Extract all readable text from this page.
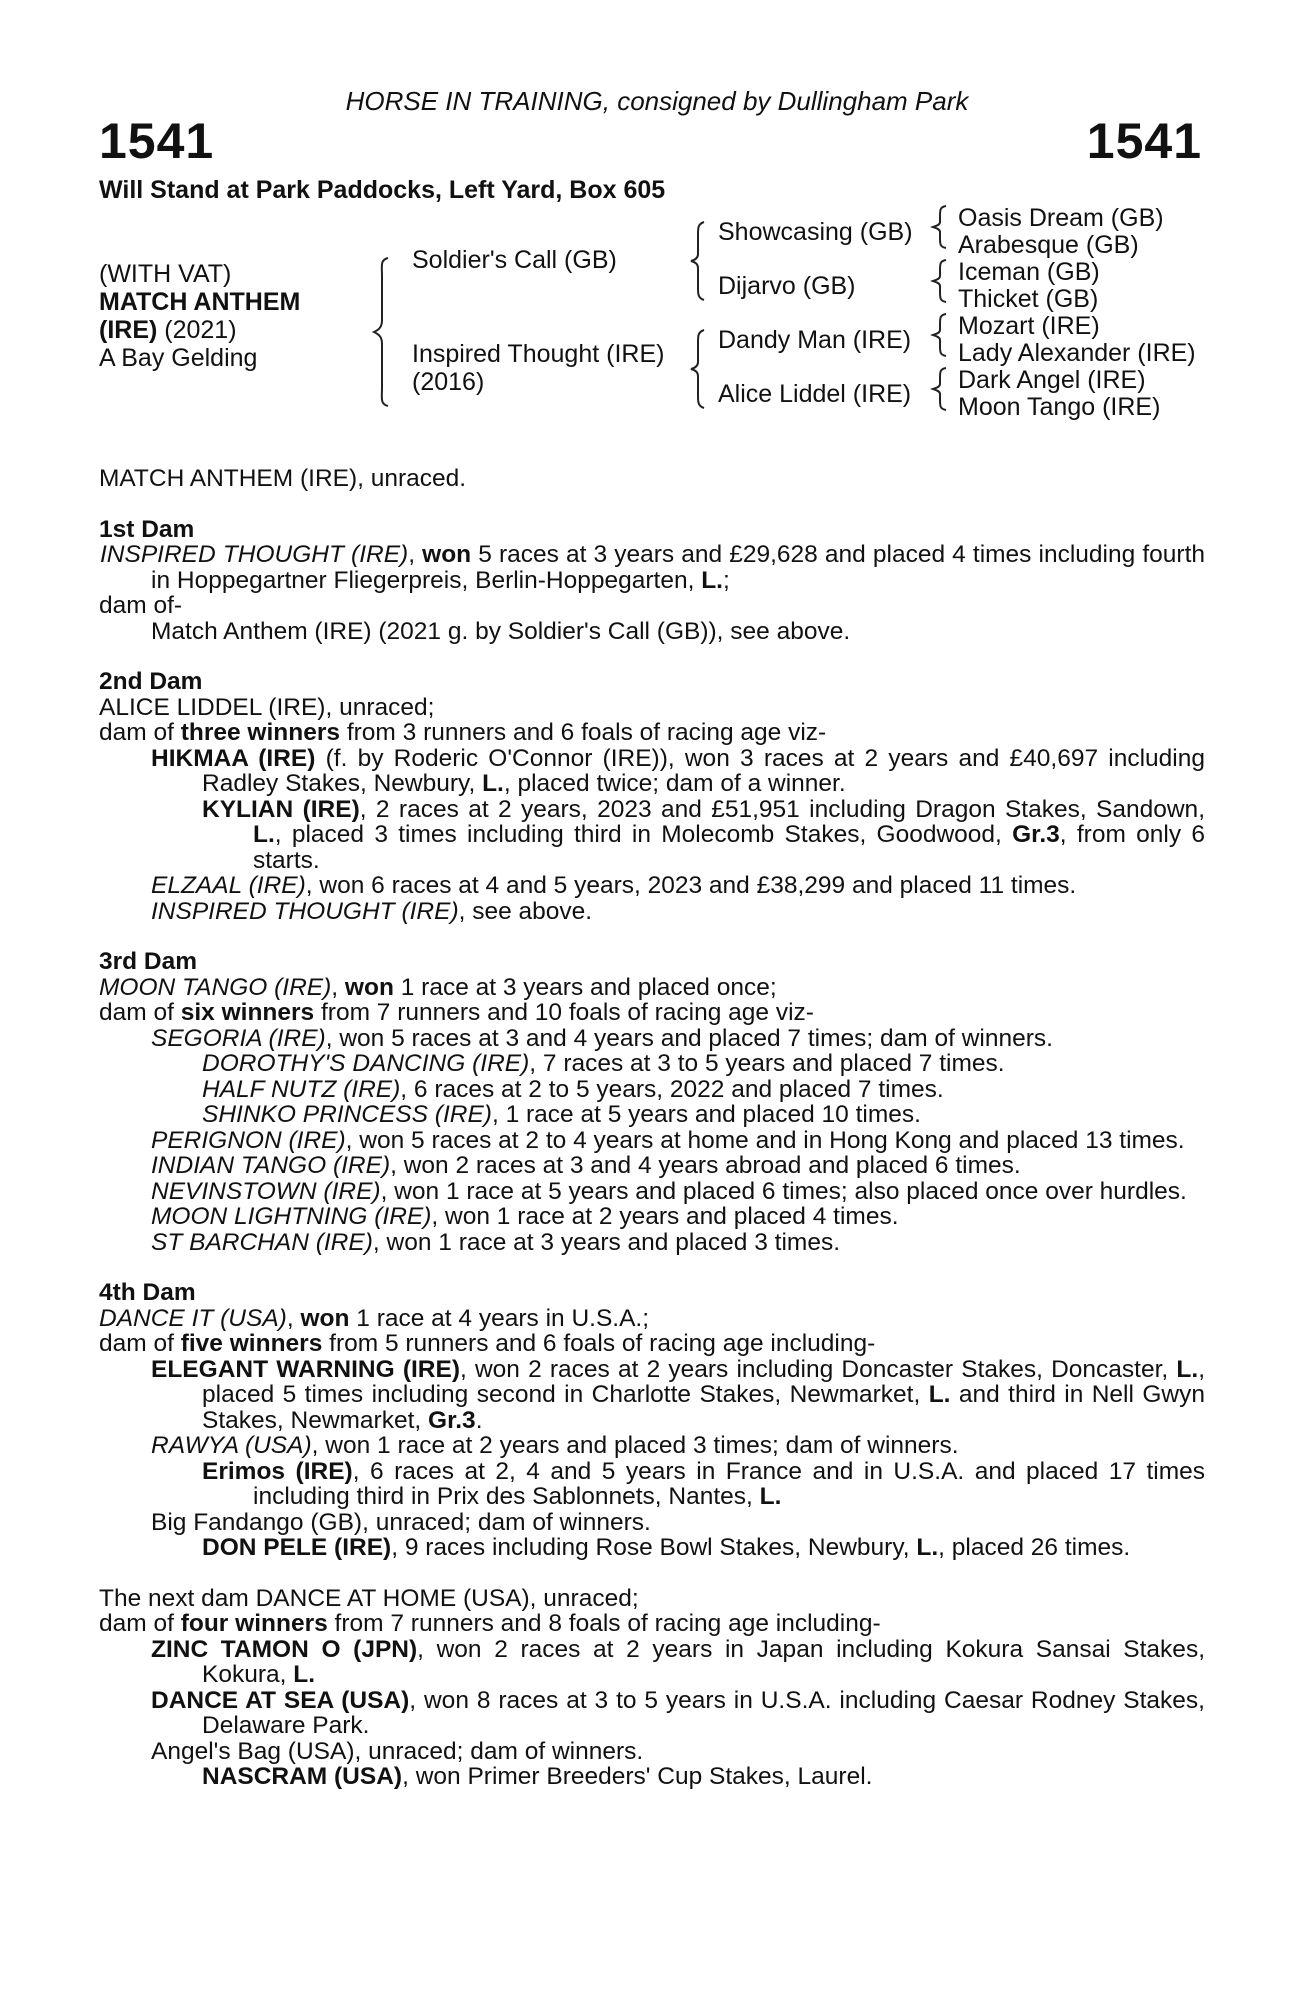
HORSE IN TRAINING, consigned by Dullingham Park
1541	1541
Will Stand at Park Paddocks, Left Yard, Box 605
(WITH VAT)
MATCH ANTHEM
(IRE) (2021)
A Bay Gelding
Soldier's Call (GB)
Inspired Thought (IRE)
(2016)
Showcasing (GB)
Dijarvo (GB)
Dandy Man (IRE)
Alice Liddel (IRE)
Oasis Dream (GB)
Arabesque (GB)
Iceman (GB)
Thicket (GB)
Mozart (IRE)
Lady Alexander (IRE)
Dark Angel (IRE)
Moon Tango (IRE)

MATCH ANTHEM (IRE), unraced.

1st Dam

INSPIRED THOUGHT (IRE), won 5 races at 3 years and £29,628 and placed 4 times including fourth in Hoppegartner Fliegerpreis, Berlin-Hoppegarten, L.;

dam of-

Match Anthem (IRE) (2021 g. by Soldier's Call (GB)), see above.

2nd Dam

ALICE LIDDEL (IRE), unraced;

dam of three winners from 3 runners and 6 foals of racing age viz-

HIKMAA (IRE) (f. by Roderic O'Connor (IRE)), won 3 races at 2 years and £40,697 including Radley Stakes, Newbury, L., placed twice; dam of a winner.

KYLIAN (IRE), 2 races at 2 years, 2023 and £51,951 including Dragon Stakes, Sandown, L., placed 3 times including third in Molecomb Stakes, Goodwood, Gr.3, from only 6 starts.

ELZAAL (IRE), won 6 races at 4 and 5 years, 2023 and £38,299 and placed 11 times.

INSPIRED THOUGHT (IRE), see above.

3rd Dam

MOON TANGO (IRE), won 1 race at 3 years and placed once;

dam of six winners from 7 runners and 10 foals of racing age viz-

SEGORIA (IRE), won 5 races at 3 and 4 years and placed 7 times; dam of winners.

DOROTHY'S DANCING (IRE), 7 races at 3 to 5 years and placed 7 times.

HALF NUTZ (IRE), 6 races at 2 to 5 years, 2022 and placed 7 times.

SHINKO PRINCESS (IRE), 1 race at 5 years and placed 10 times.

PERIGNON (IRE), won 5 races at 2 to 4 years at home and in Hong Kong and placed 13 times.

INDIAN TANGO (IRE), won 2 races at 3 and 4 years abroad and placed 6 times.

NEVINSTOWN (IRE), won 1 race at 5 years and placed 6 times; also placed once over hurdles.

MOON LIGHTNING (IRE), won 1 race at 2 years and placed 4 times.

ST BARCHAN (IRE), won 1 race at 3 years and placed 3 times.

4th Dam

DANCE IT (USA), won 1 race at 4 years in U.S.A.;

dam of five winners from 5 runners and 6 foals of racing age including-

ELEGANT WARNING (IRE), won 2 races at 2 years including Doncaster Stakes, Doncaster, L., placed 5 times including second in Charlotte Stakes, Newmarket, L. and third in Nell Gwyn Stakes, Newmarket, Gr.3.

RAWYA (USA), won 1 race at 2 years and placed 3 times; dam of winners.

Erimos (IRE), 6 races at 2, 4 and 5 years in France and in U.S.A. and placed 17 times including third in Prix des Sablonnets, Nantes, L.

Big Fandango (GB), unraced; dam of winners.

DON PELE (IRE), 9 races including Rose Bowl Stakes, Newbury, L., placed 26 times.

The next dam DANCE AT HOME (USA), unraced;

dam of four winners from 7 runners and 8 foals of racing age including-

ZINC TAMON O (JPN), won 2 races at 2 years in Japan including Kokura Sansai Stakes, Kokura, L.

DANCE AT SEA (USA), won 8 races at 3 to 5 years in U.S.A. including Caesar Rodney Stakes, Delaware Park.

Angel's Bag (USA), unraced; dam of winners.

NASCRAM (USA), won Primer Breeders' Cup Stakes, Laurel.
